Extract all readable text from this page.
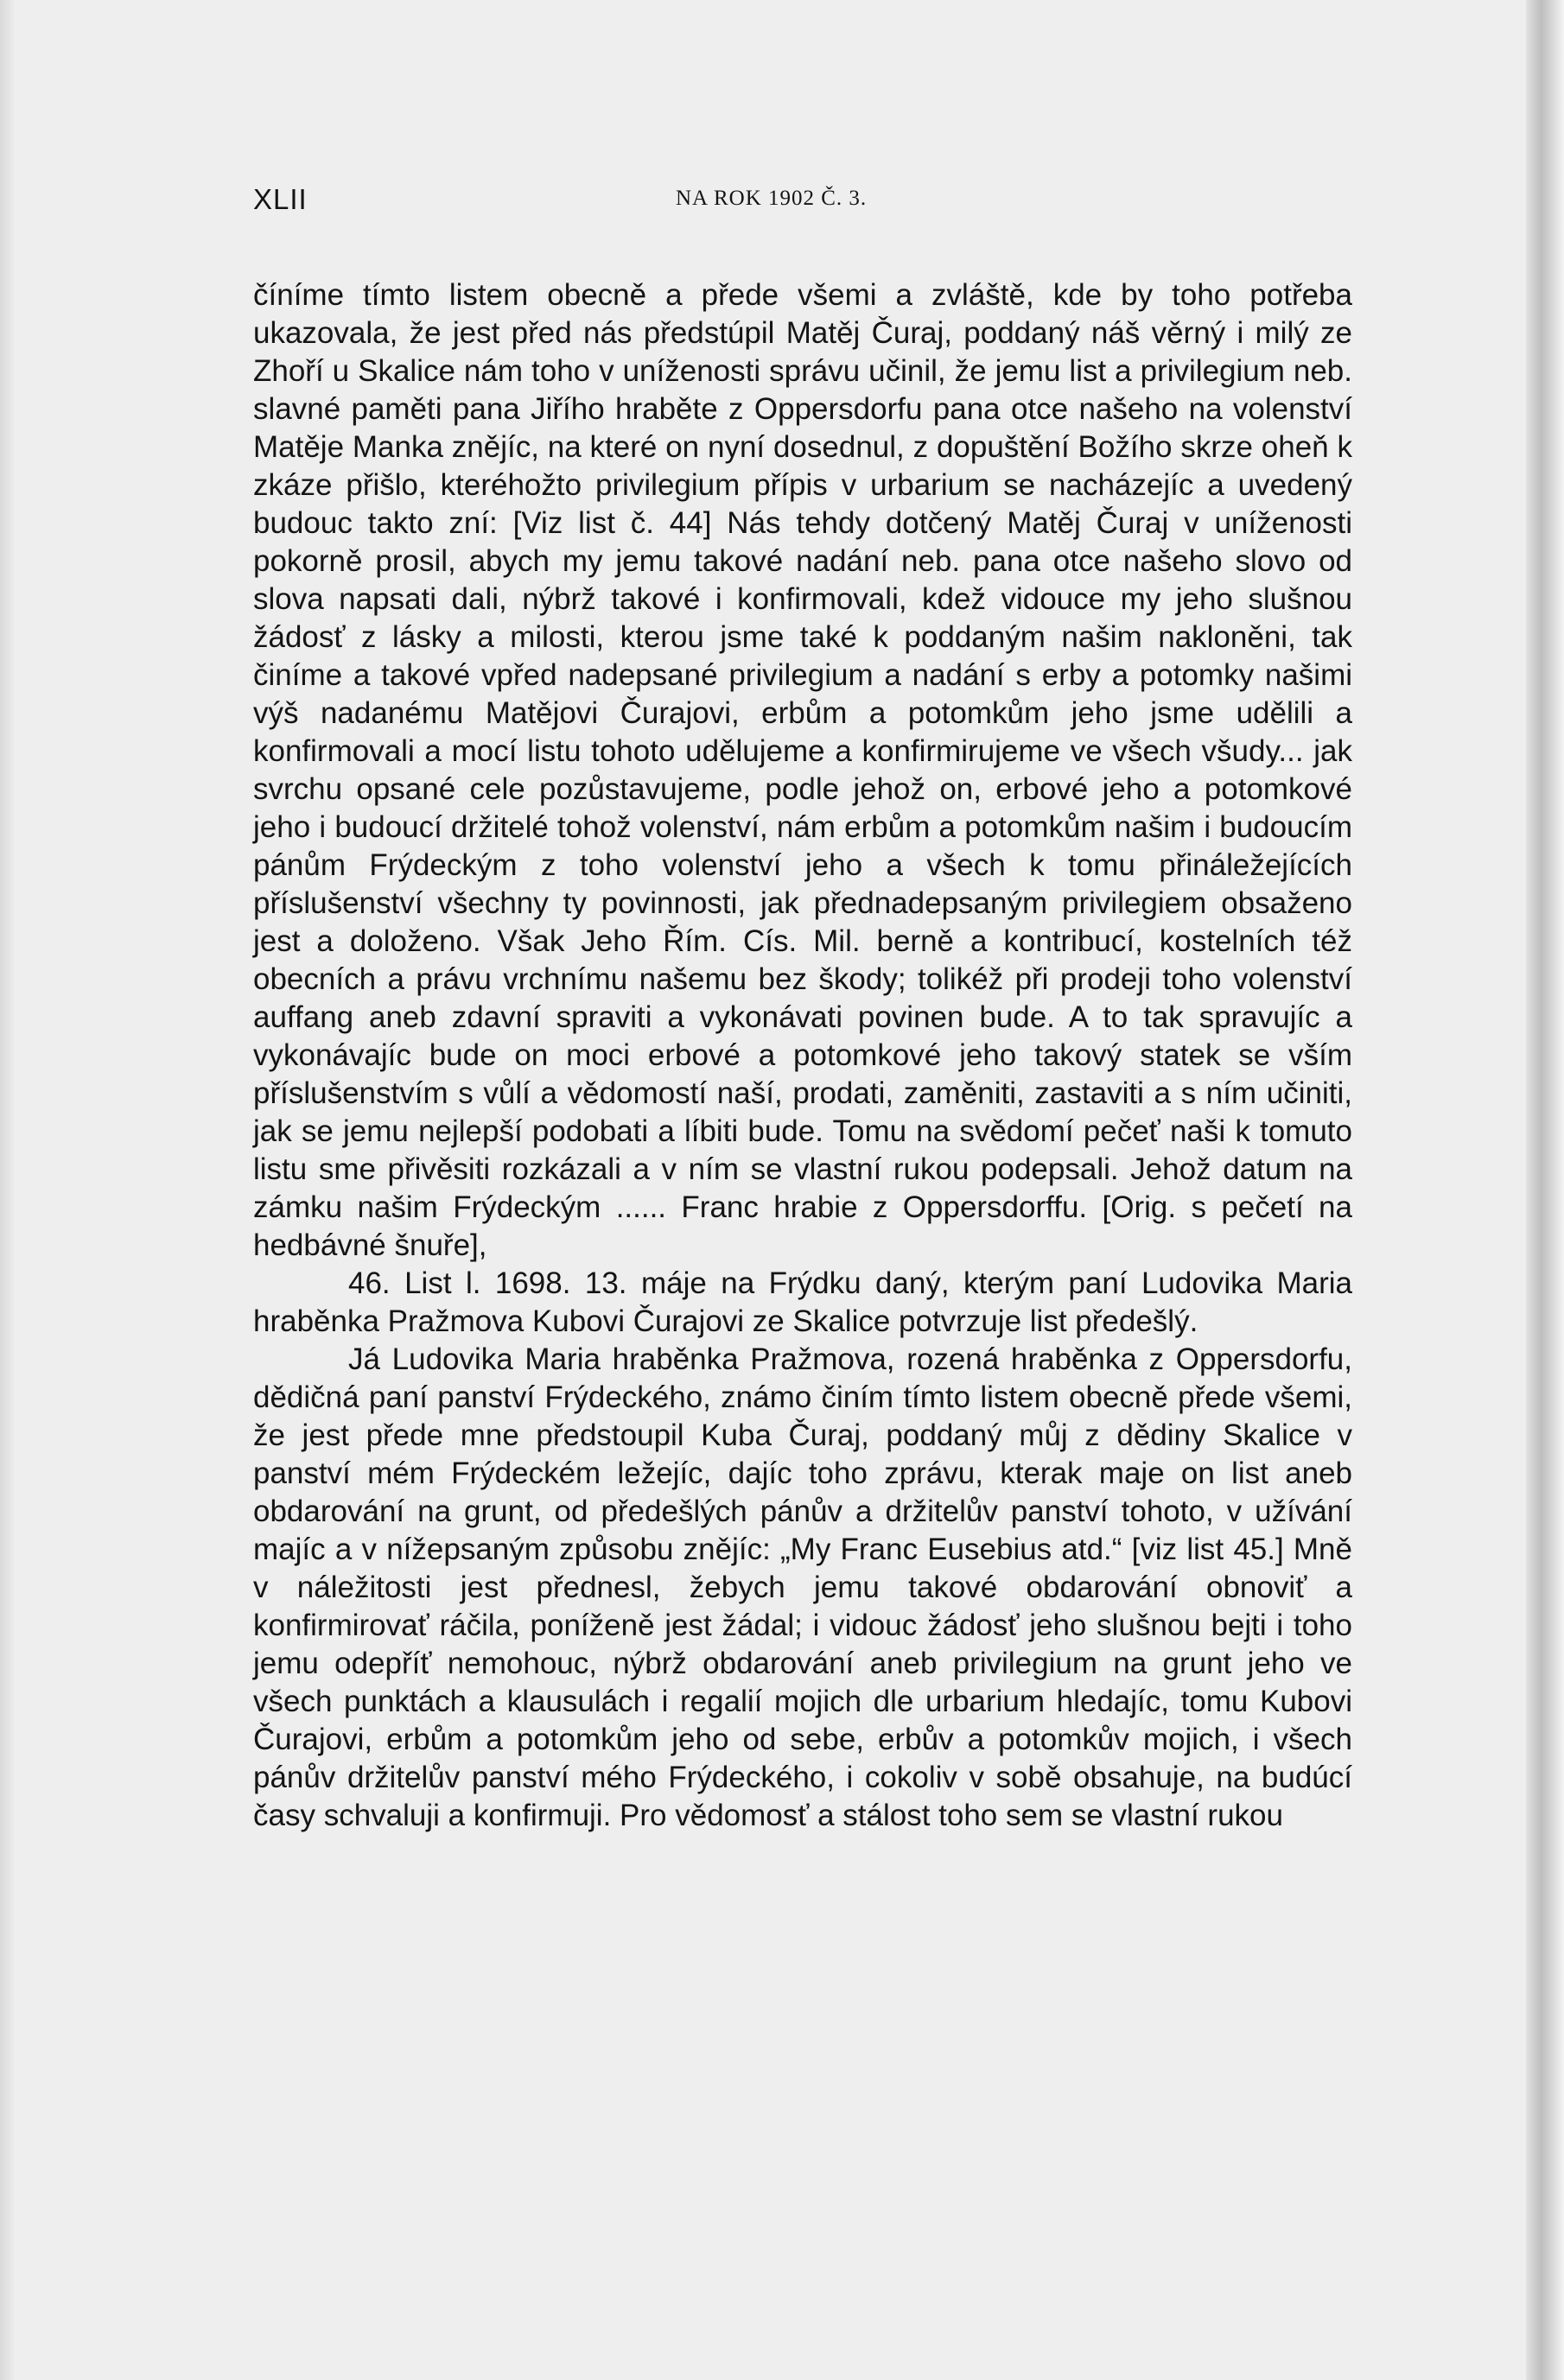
XLII	NA ROK 1902 Č. 3.

číníme tímto listem obecně a přede všemi a zvláště, kde by toho potřeba ukazovala, že jest před nás předstúpil Matěj Čuraj, poddaný náš věrný i milý ze Zhoří u Skalice nám toho v uníženosti správu učinil, že jemu list a privilegium neb. slavné paměti pana Jiřího hraběte z Oppersdorfu pana otce našeho na volenství Matěje Manka znějíc, na které on nyní dosednul, z dopuštění Božího skrze oheň k zkáze přišlo, kteréhožto privilegium přípis v urbarium se nacházejíc a uvedený budouc takto zní: [Viz list č. 44] Nás tehdy dotčený Matěj Čuraj v uníženosti pokorně prosil, abych my jemu takové nadání neb. pana otce našeho slovo od slova napsati dali, nýbrž takové i konfirmovali, kdež vidouce my jeho slušnou žádosť z lásky a milosti, kterou jsme také k poddaným našim nakloněni, tak činíme a takové vpřed nadepsané privilegium a nadání s erby a potomky našimi výš nadanému Matějovi Čurajovi, erbům a potomkům jeho jsme udělili a konfirmovali a mocí listu tohoto udělujeme a konfirmirujeme ve všech všudy... jak svrchu opsané cele pozůstavujeme, podle jehož on, erbové jeho a potomkové jeho i budoucí držitelé tohož volenství, nám erbům a potomkům našim i budoucím pánům Frýdeckým z toho volenství jeho a všech k tomu přináležejících příslušenství všechny ty povinnosti, jak přednadepsaným privilegiem obsaženo jest a doloženo. Však Jeho Řím. Cís. Mil. berně a kontribucí, kostelních též obecních a právu vrchnímu našemu bez škody; tolikéž při prodeji toho volenství auffang aneb zdavní spraviti a vykonávati povinen bude. A to tak spravujíc a vykonávajíc bude on moci erbové a potomkové jeho takový statek se vším příslušenstvím s vůlí a vědomostí naší, prodati, zaměniti, zastaviti a s ním učiniti, jak se jemu nejlepší podobati a líbiti bude. Tomu na svědomí pečeť naši k tomuto listu sme přivěsiti rozkázali a v ním se vlastní rukou podepsali. Jehož datum na zámku našim Frýdeckým ...... Franc hrabie z Oppersdorffu. [Orig. s pečetí na hedbávné šnuře],

46. List l. 1698. 13. máje na Frýdku daný, kterým paní Ludovika Maria hraběnka Pražmova Kubovi Čurajovi ze Skalice potvrzuje list předešlý.

Já Ludovika Maria hraběnka Pražmova, rozená hraběnka z Oppersdorfu, dědičná paní panství Frýdeckého, známo činím tímto listem obecně přede všemi, že jest přede mne předstoupil Kuba Čuraj, poddaný můj z dědiny Skalice v panství mém Frýdeckém ležejíc, dajíc toho zprávu, kterak maje on list aneb obdarování na grunt, od předešlých pánův a držitelův panství tohoto, v užívání majíc a v nížepsaným způsobu znějíc: „My Franc Eusebius atd.“ [viz list 45.] Mně v náležitosti jest přednesl, žebych jemu takové obdarování obnoviť a konfirmirovať ráčila, poníženě jest žádal; i vidouc žádosť jeho slušnou bejti i toho jemu odepříť nemohouc, nýbrž obdarování aneb privilegium na grunt jeho ve všech punktách a klausulách i regalií mojich dle urbarium hledajíc, tomu Kubovi Čurajovi, erbům a potomkům jeho od sebe, erbův a potomkův mojich, i všech pánův držitelův panství mého Frýdeckého, i cokoliv v sobě obsahuje, na budúcí časy schvaluji a konfirmuji. Pro vědomosť a stálost toho sem se vlastní rukou
